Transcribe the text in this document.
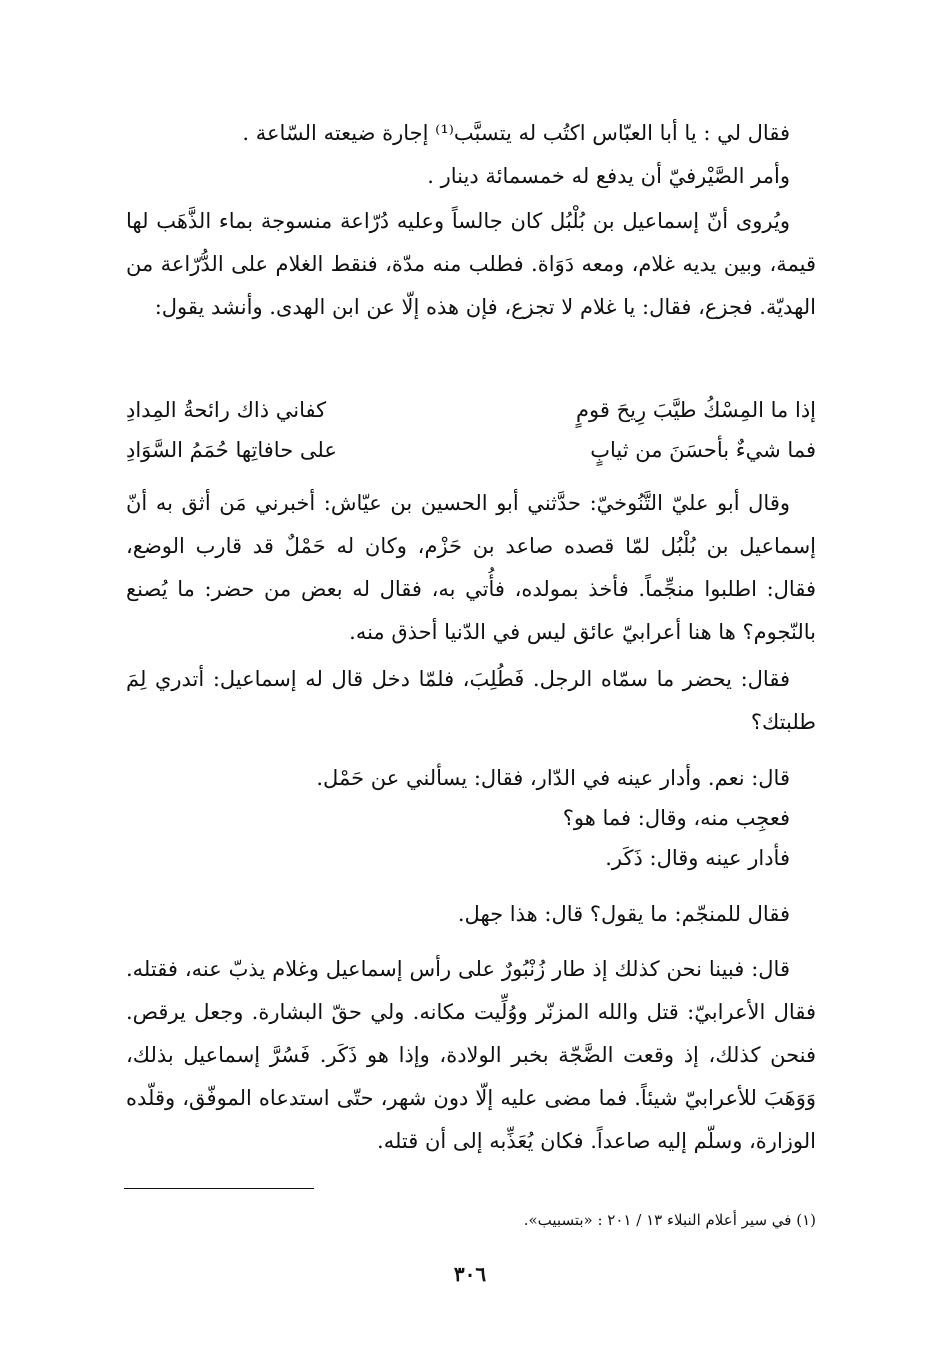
فقال لي : يا أبا العبّاس اكتُب له يتسبَّب⁽¹⁾ إجارة ضيعته السّاعة .

وأمر الصَّيْرفيّ أن يدفع له خمسمائة دينار .

ويُروى أنّ إسماعيل بن بُلْبُل كان جالساً وعليه دُرّاعة منسوجة بماء الذَّهَب لها قيمة، وبين يديه غلام، ومعه دَوَاة. فطلب منه مدّة، فنقط الغلام على الدُّرّاعة من الهديّة. فجزع، فقال: يا غلام لا تجزع، فإن هذه إلّا عن ابن الهدى. وأنشد يقول:

إذا ما المِسْكُ طيَّبَ رِيحَ قومٍ
كفاني ذاك رائحةُ المِدادِ
فما شيءٌ بأحسَنَ من ثيابٍ
على حافاتِها حُمَمُ السَّوَادِ

وقال أبو عليّ التَّنُوخيّ: حدَّثني أبو الحسين بن عيّاش: أخبرني مَن أثق به أنّ إسماعيل بن بُلْبُل لمّا قصده صاعد بن حَزْم، وكان له حَمْلٌ قد قارب الوضع، فقال: اطلبوا منجِّماً. فأخذ بمولده، فأُتي به، فقال له بعض من حضر: ما يُصنع بالنّجوم؟ ها هنا أعرابيّ عائق ليس في الدّنيا أحذق منه.

فقال: يحضر ما سمّاه الرجل. فَطُلِبَ، فلمّا دخل قال له إسماعيل: أتدري لِمَ طلبتك؟

قال: نعم. وأدار عينه في الدّار، فقال: يسألني عن حَمْل.

فعجِب منه، وقال: فما هو؟

فأدار عينه وقال: ذَكَر.

فقال للمنجّم: ما يقول؟ قال: هذا جهل.

قال: فبينا نحن كذلك إذ طار زُنْبُورٌ على رأس إسماعيل وغلام يذبّ عنه، فقتله. فقال الأعرابيّ: قتل والله المزنّر ووُلِّيت مكانه. ولي حقّ البشارة. وجعل يرقص. فنحن كذلك، إذ وقعت الضَّجّة بخبر الولادة، وإذا هو ذَكَر. فَسُرَّ إسماعيل بذلك، وَوَهَبَ للأعرابيّ شيئاً. فما مضى عليه إلّا دون شهر، حتّى استدعاه الموفّق، وقلّده الوزارة، وسلّم إليه صاعداً. فكان يُعَذِّبه إلى أن قتله.

(١) في سير أعلام النبلاء ١٣ / ٢٠١ : «بتسبيب».
٣٠٦
